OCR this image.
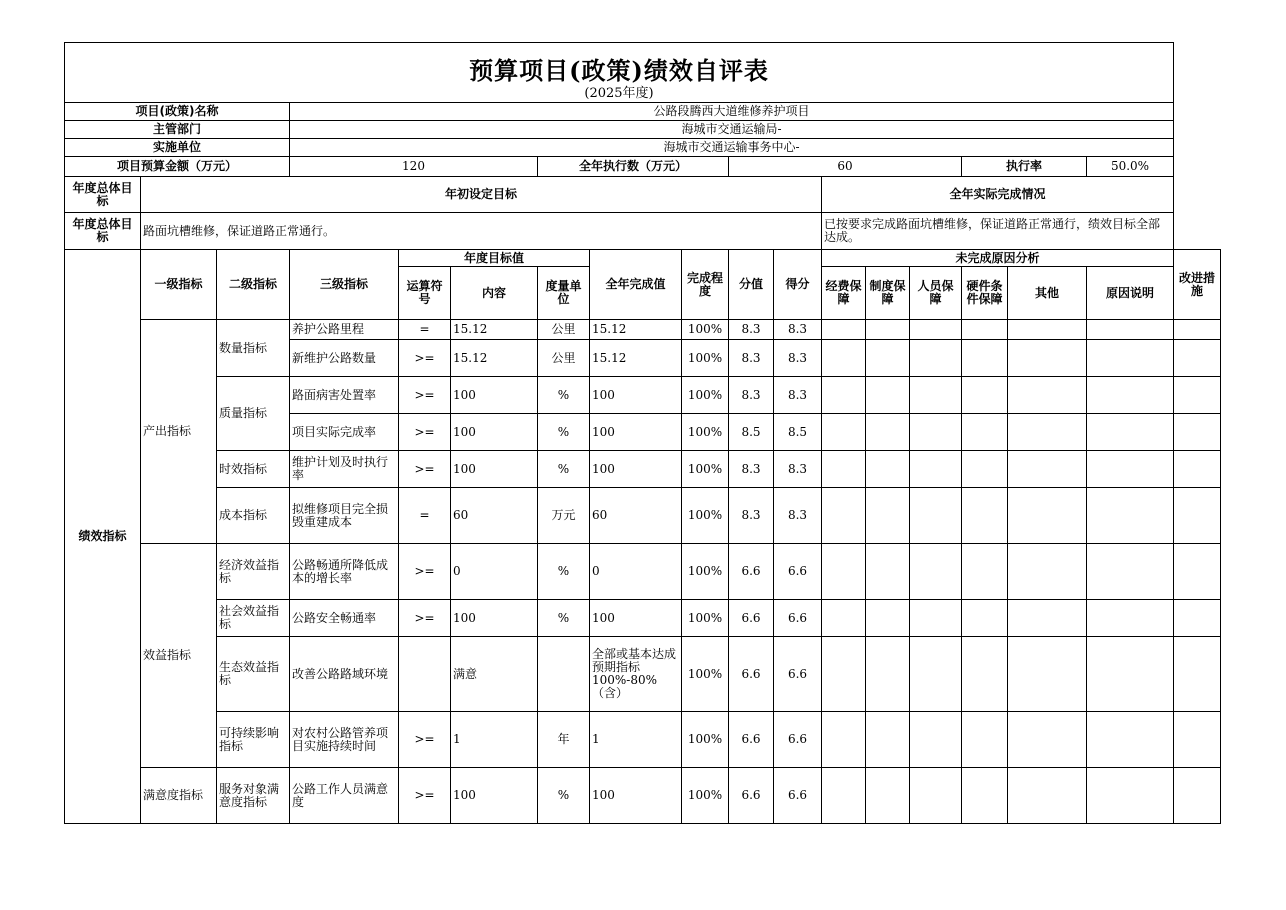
预算项目(政策)绩效自评表																	
(2025年度)																	
项目(政策)名称			公路段腾西大道维修养护项目														
主管部门			海城市交通运输局-														
实施单位			海城市交通运输事务中心-														
项目预算金额（万元）			120			全年执行数（万元）			60					执行率		50.0%	
年度总体目标	年初设定目标										全年实际完成情况						
年度总体目标	路面坑槽维修，保证道路正常通行。										已按要求完成路面坑槽维修，保证道路正常通行，绩效目标全部达成。						
绩效指标	一级指标	二级指标	三级指标	年度目标值			全年完成值	完成程度	分值	得分	未完成原因分析						改进措施
				运算符号	内容	度量单位					经费保障	制度保障	人员保障	硬件条件保障	其他	原因说明	
	产出指标	数量指标	养护公路里程	=	15.12	公里	15.12	100%	8.3	8.3							
			新维护公路数量	>=	15.12	公里	15.12	100%	8.3	8.3							
		质量指标	路面病害处置率	>=	100	%	100	100%	8.3	8.3							
			项目实际完成率	>=	100	%	100	100%	8.5	8.5							
		时效指标	维护计划及时执行率	>=	100	%	100	100%	8.3	8.3							
		成本指标	拟维修项目完全损毁重建成本	=	60	万元	60	100%	8.3	8.3							
	效益指标	经济效益指标	公路畅通所降低成本的增长率	>=	0	%	0	100%	6.6	6.6							
		社会效益指标	公路安全畅通率	>=	100	%	100	100%	6.6	6.6							
		生态效益指标	改善公路路域环境		满意		全部或基本达成预期指标100%-80%（含）	100%	6.6	6.6							
		可持续影响指标	对农村公路管养项目实施持续时间	>=	1	年	1	100%	6.6	6.6							
	满意度指标	服务对象满意度指标	公路工作人员满意度	>=	100	%	100	100%	6.6	6.6							
